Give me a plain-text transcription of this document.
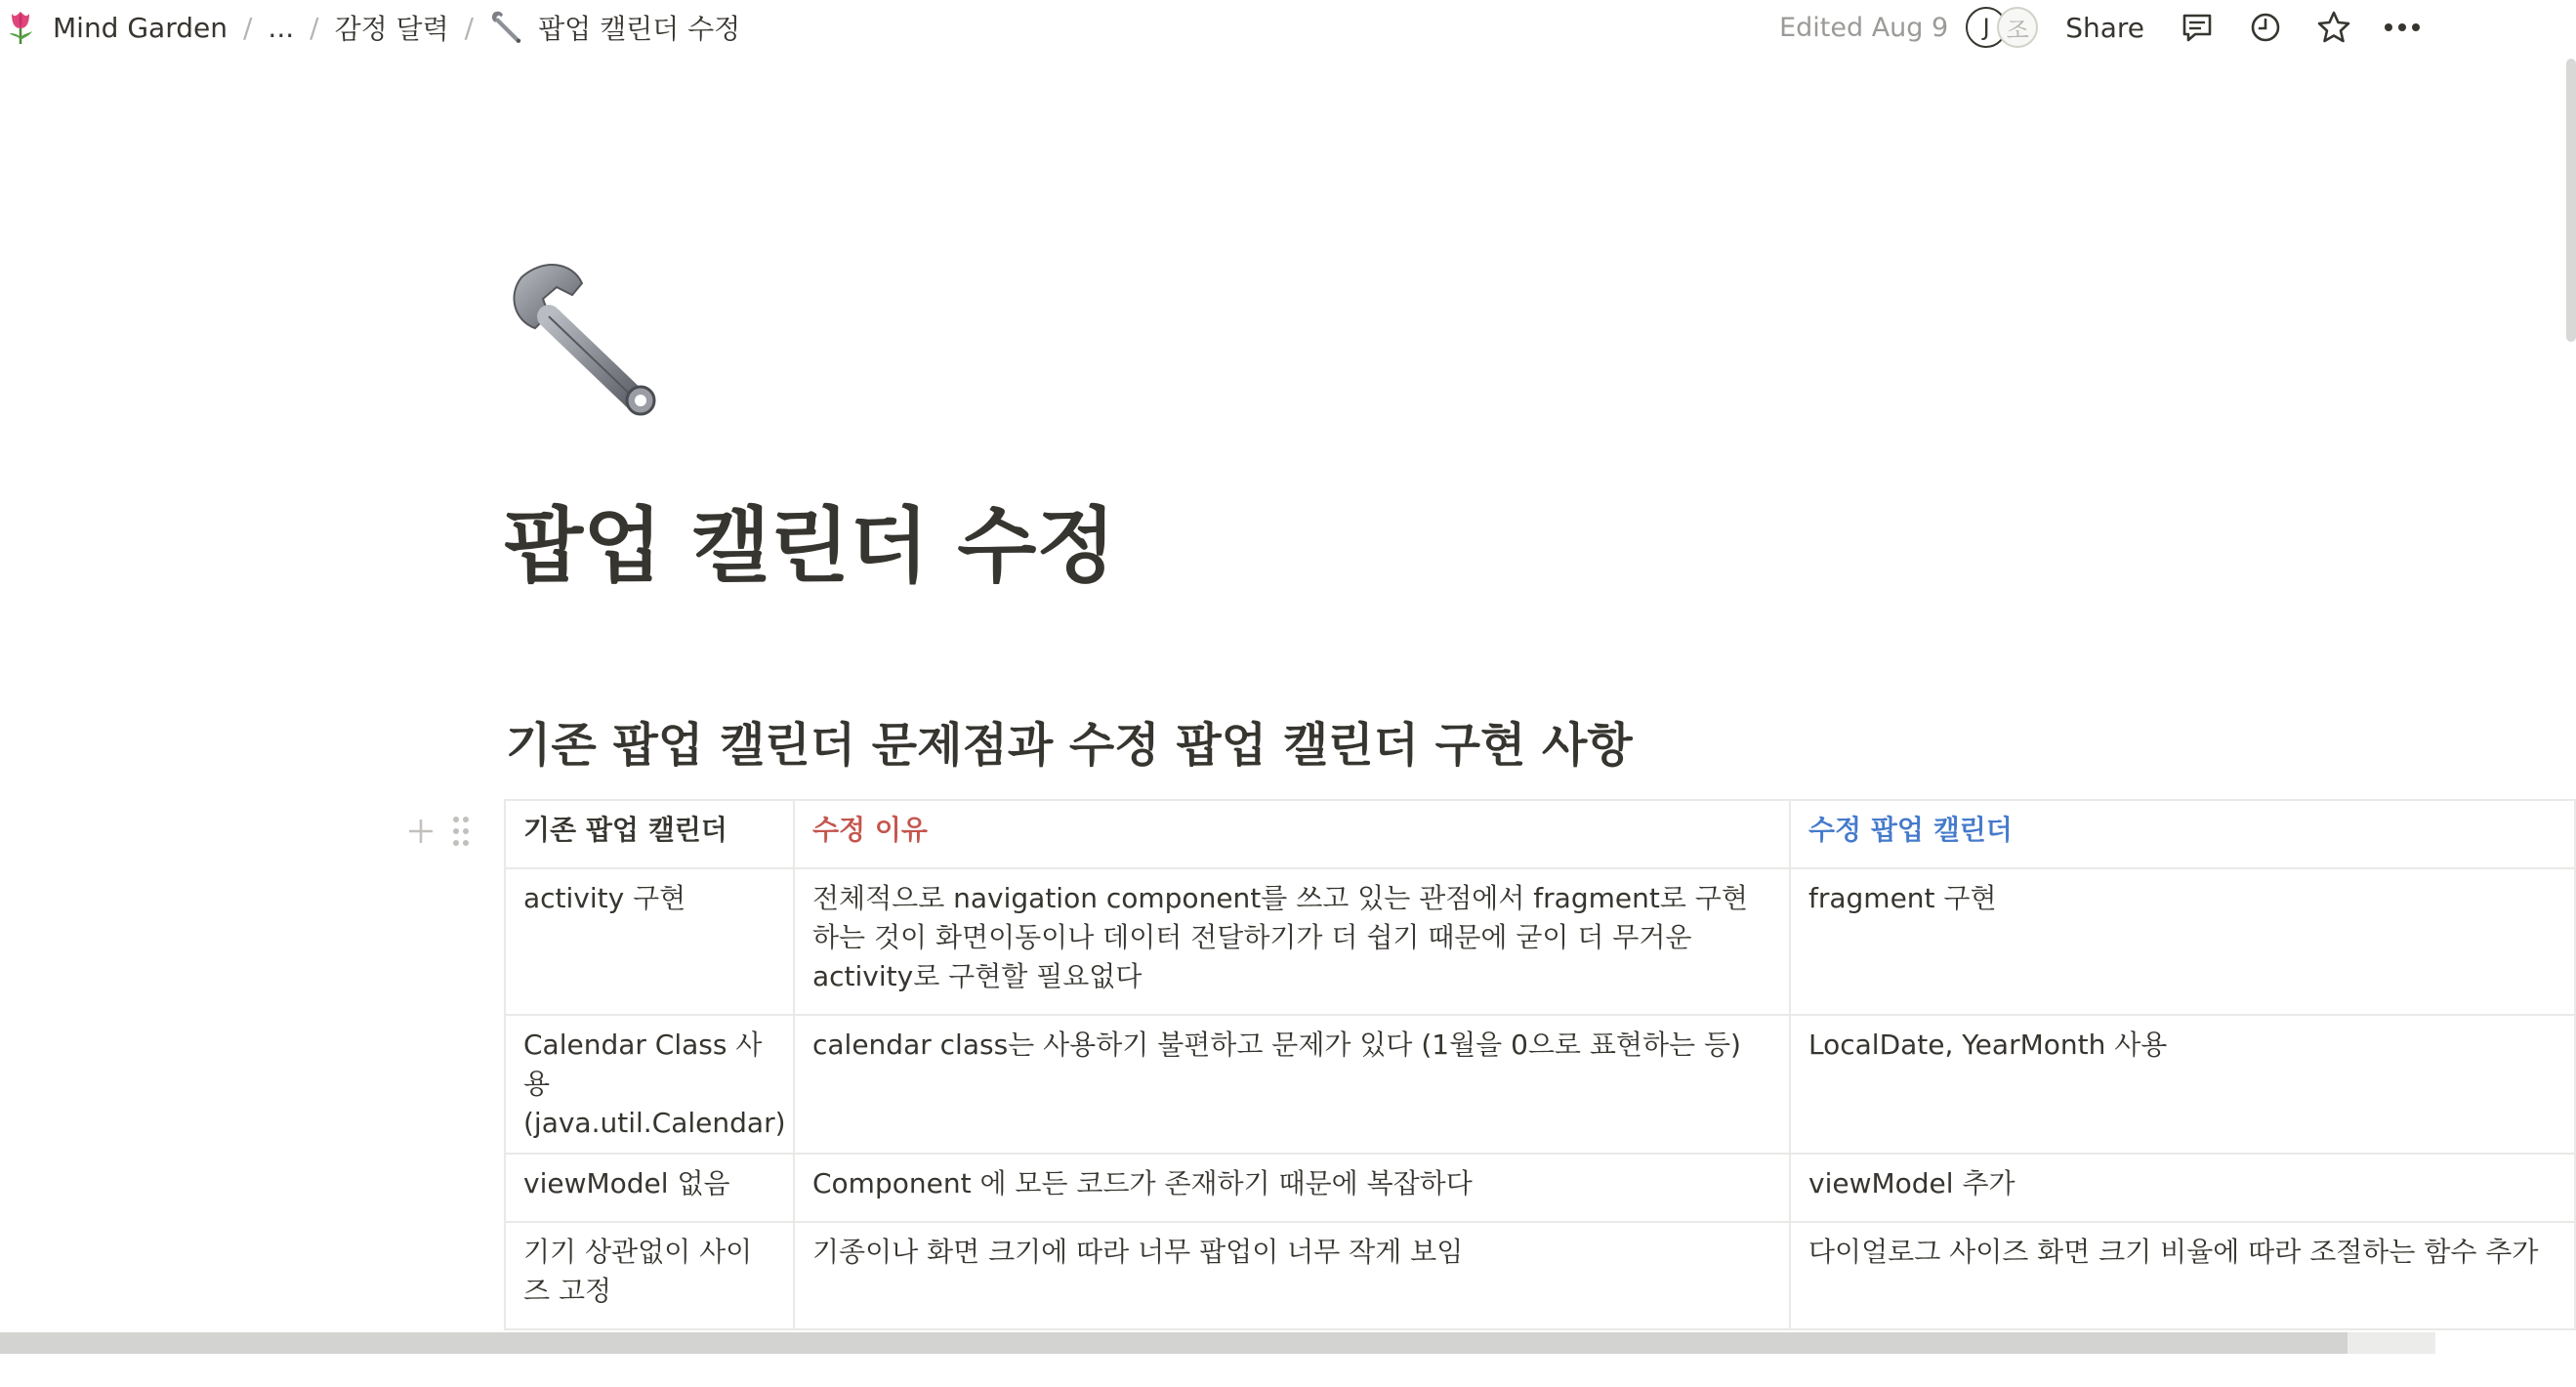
Mind Garden / ... / 감정 달력 / 팝업 캘린더 수정	Edited Aug 9	J 조	Share
팝업 캘린더 수정
기존 팝업 캘린더 문제점과 수정 팝업 캘린더 구현 사항
기존 팝업 캘린더	수정 이유	수정 팝업 캘린더
activity 구현	전체적으로 navigation component를 쓰고 있는 관점에서 fragment로 구현하는 것이 화면이동이나 데이터 전달하기가 더 쉽기 때문에 굳이 더 무거운 activity로 구현할 필요없다	fragment 구현
Calendar Class 사용 (java.util.Calendar)	calendar class는 사용하기 불편하고 문제가 있다 (1월을 0으로 표현하는 등)	LocalDate, YearMonth 사용
viewModel 없음	Component 에 모든 코드가 존재하기 때문에 복잡하다	viewModel 추가
기기 상관없이 사이즈 고정	기종이나 화면 크기에 따라 너무 팝업이 너무 작게 보임	다이얼로그 사이즈 화면 크기 비율에 따라 조절하는 함수 추가
